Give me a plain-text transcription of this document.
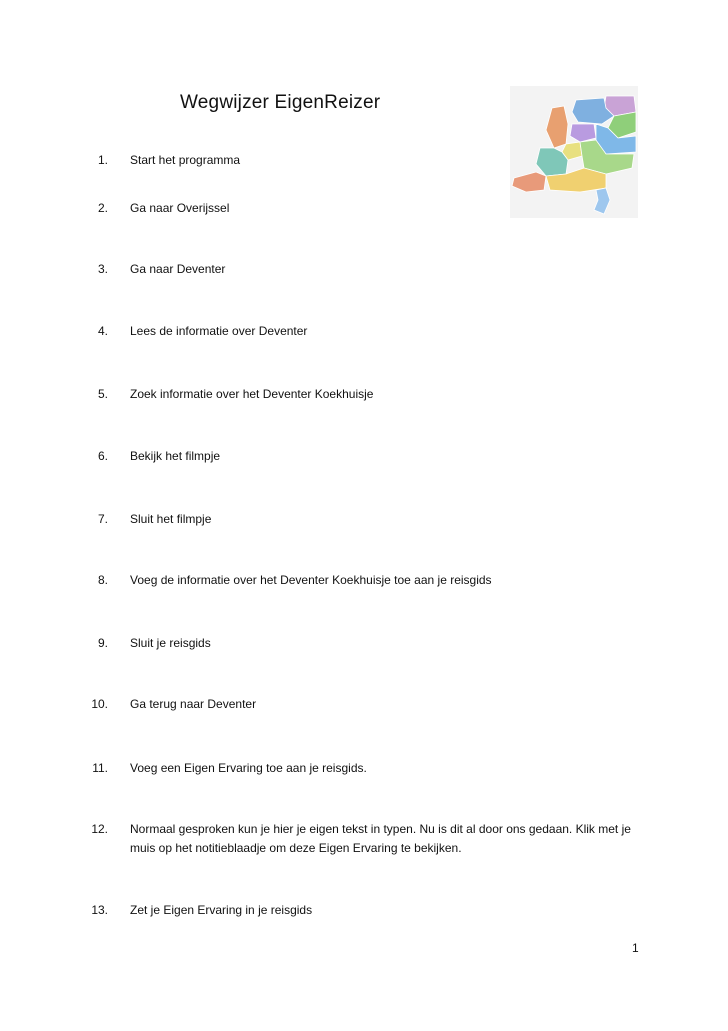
Wegwijzer EigenReizer
1. Start het programma
2. Ga naar Overijssel
3. Ga naar Deventer
4. Lees de informatie over Deventer
5. Zoek informatie over het Deventer Koekhuisje
6. Bekijk het filmpje
7. Sluit het filmpje
8. Voeg de informatie over het Deventer Koekhuisje toe aan je reisgids
9. Sluit je reisgids
10. Ga terug naar Deventer
11. Voeg een Eigen Ervaring toe aan je reisgids.
12. Normaal gesproken kun je hier je eigen tekst in typen. Nu is dit al door ons gedaan. Klik met je muis op het notitieblaadje om deze Eigen Ervaring te bekijken.
13. Zet je Eigen Ervaring in je reisgids
1
